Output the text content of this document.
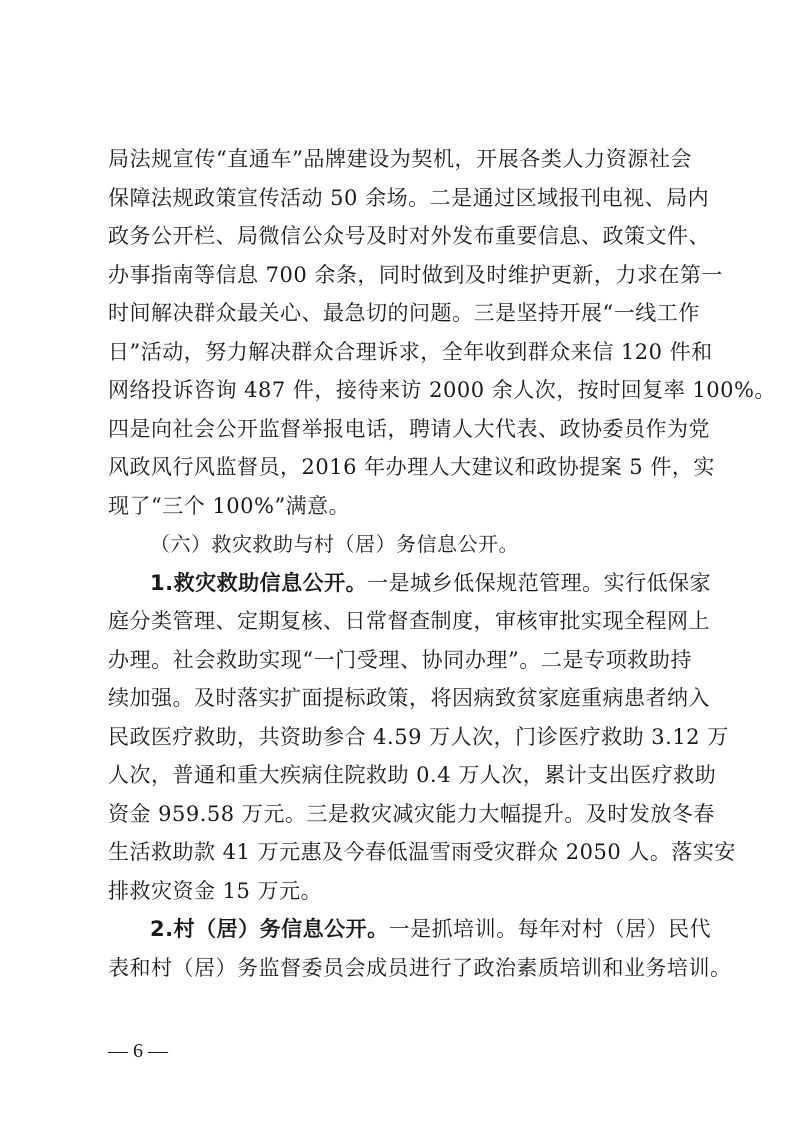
局法规宣传“直通车”品牌建设为契机，开展各类人力资源社会
保障法规政策宣传活动 50 余场。二是通过区域报刊电视、局内
政务公开栏、局微信公众号及时对外发布重要信息、政策文件、
办事指南等信息 700 余条，同时做到及时维护更新，力求在第一
时间解决群众最关心、最急切的问题。三是坚持开展“一线工作
日”活动，努力解决群众合理诉求，全年收到群众来信 120 件和
网络投诉咨询 487 件，接待来访 2000 余人次，按时回复率 100%。
四是向社会公开监督举报电话，聘请人大代表、政协委员作为党
风政风行风监督员，2016 年办理人大建议和政协提案 5 件，实
现了“三个 100%”满意。
（六）救灾救助与村（居）务信息公开。
1.救灾救助信息公开。一是城乡低保规范管理。实行低保家
庭分类管理、定期复核、日常督查制度，审核审批实现全程网上
办理。社会救助实现“一门受理、协同办理”。二是专项救助持
续加强。及时落实扩面提标政策，将因病致贫家庭重病患者纳入
民政医疗救助，共资助参合 4.59 万人次，门诊医疗救助 3.12 万
人次，普通和重大疾病住院救助 0.4 万人次，累计支出医疗救助
资金 959.58 万元。三是救灾减灾能力大幅提升。及时发放冬春
生活救助款 41 万元惠及今春低温雪雨受灾群众 2050 人。落实安
排救灾资金 15 万元。
2.村（居）务信息公开。一是抓培训。每年对村（居）民代
表和村（居）务监督委员会成员进行了政治素质培训和业务培训。
— 6 —
